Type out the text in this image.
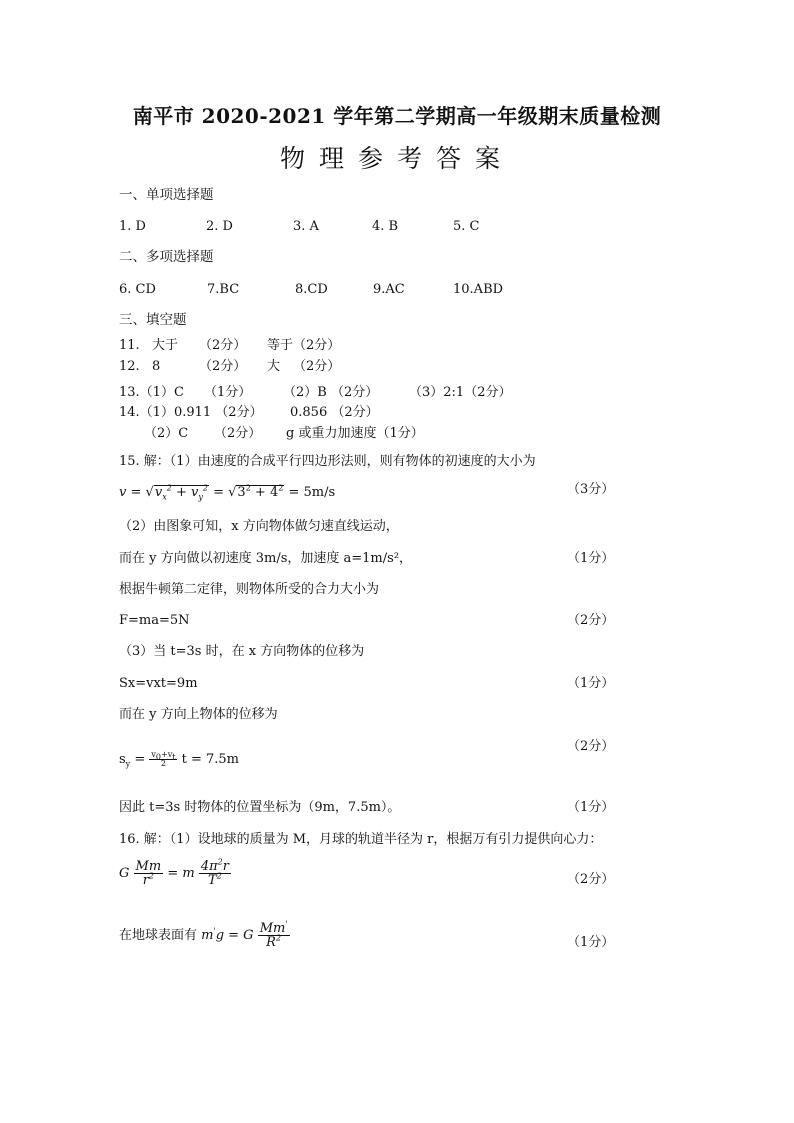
南平市 2020-2021 学年第二学期高一年级期末质量检测
物理参考答案
一、单项选择题
1. D	2. D	3. A	4. B	5. C
二、多项选择题
6. CD	7.BC	8.CD	9.AC	10.ABD
三、填空题
11. 大于 （2分） 等于（2分）
12. 8	（2分） 大 （2分）
13.（1）C （1分） （2）B （2分） （3）2:1（2分）
14.（1）0.911 （2分） 0.856 （2分）
（2）C （2分） g 或重力加速度（1分）
15. 解：（1）由速度的合成平行四边形法则，则有物体的初速度的大小为
$v = √v_x^2 + v_y^2 = √3^2 + 4^2 = 5m/s$	（3分）
（2）由图象可知，x 方向物体做匀速直线运动，
而在 y 方向做以初速度 3m/s，加速度 a=1m/s²，	（1分）
根据牛顿第二定律，则物体所受的合力大小为
F=ma=5N	（2分）
（3）当 t=3s 时，在 x 方向物体的位移为
Sx=vxt=9m	（1分）
而在 y 方向上物体的位移为
$s_y = \frac{v_0+v_t}{2}$ t = 7.5m
（2分）
因此 t=3s 时物体的位置坐标为（9m，7.5m）。	（1分）
16. 解：（1）设地球的质量为 M，月球的轨道半径为 r，根据万有引力提供向心力：
G $\frac{Mm}{r^2} = m \frac{4\pi^2r}{T^2}$	（2分）
在地球表面有 m'g = G $\frac{Mm'}{R^2}$	（1分）
